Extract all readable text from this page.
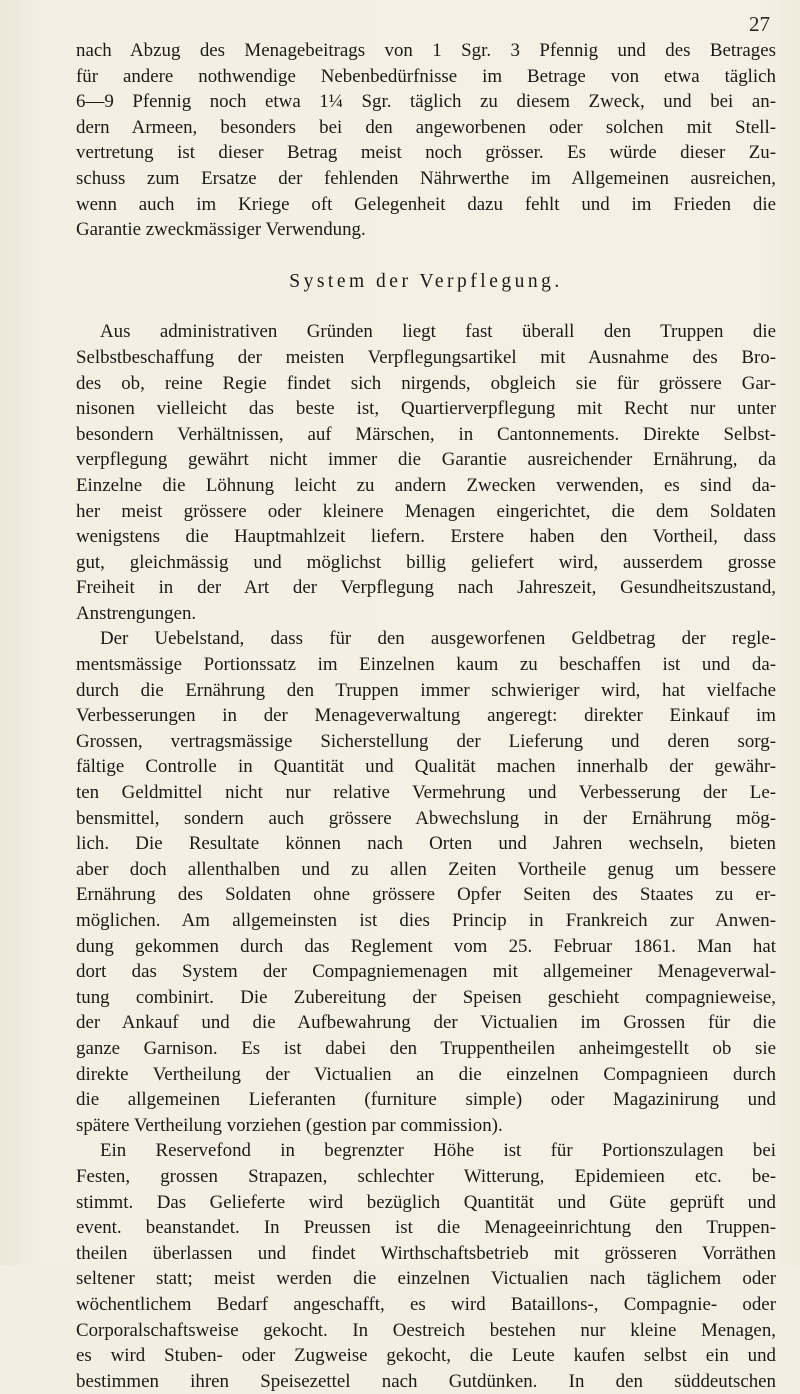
27
nach Abzug des Menagebeitrags von 1 Sgr. 3 Pfennig und des Betrages
für andere nothwendige Nebenbedürfnisse im Betrage von etwa täglich
6—9 Pfennig noch etwa 1¼ Sgr. täglich zu diesem Zweck, und bei an-
dern Armeen, besonders bei den angeworbenen oder solchen mit Stell-
vertretung ist dieser Betrag meist noch grösser. Es würde dieser Zu-
schuss zum Ersatze der fehlenden Nährwerthe im Allgemeinen ausreichen,
wenn auch im Kriege oft Gelegenheit dazu fehlt und im Frieden die
Garantie zweckmässiger Verwendung.
System der Verpflegung.
Aus administrativen Gründen liegt fast überall den Truppen die
Selbstbeschaffung der meisten Verpflegungsartikel mit Ausnahme des Bro-
des ob, reine Regie findet sich nirgends, obgleich sie für grössere Gar-
nisonen vielleicht das beste ist, Quartierverpflegung mit Recht nur unter
besondern Verhältnissen, auf Märschen, in Cantonnements. Direkte Selbst-
verpflegung gewährt nicht immer die Garantie ausreichender Ernährung, da
Einzelne die Löhnung leicht zu andern Zwecken verwenden, es sind da-
her meist grössere oder kleinere Menagen eingerichtet, die dem Soldaten
wenigstens die Hauptmahlzeit liefern. Erstere haben den Vortheil, dass
gut, gleichmässig und möglichst billig geliefert wird, ausserdem grosse
Freiheit in der Art der Verpflegung nach Jahreszeit, Gesundheitszustand,
Anstrengungen.
Der Uebelstand, dass für den ausgeworfenen Geldbetrag der regle-
mentsmässige Portionssatz im Einzelnen kaum zu beschaffen ist und da-
durch die Ernährung den Truppen immer schwieriger wird, hat vielfache
Verbesserungen in der Menageverwaltung angeregt: direkter Einkauf im
Grossen, vertragsmässige Sicherstellung der Lieferung und deren sorg-
fältige Controlle in Quantität und Qualität machen innerhalb der gewähr-
ten Geldmittel nicht nur relative Vermehrung und Verbesserung der Le-
bensmittel, sondern auch grössere Abwechslung in der Ernährung mög-
lich. Die Resultate können nach Orten und Jahren wechseln, bieten
aber doch allenthalben und zu allen Zeiten Vortheile genug um bessere
Ernährung des Soldaten ohne grössere Opfer Seiten des Staates zu er-
möglichen. Am allgemeinsten ist dies Princip in Frankreich zur Anwen-
dung gekommen durch das Reglement vom 25. Februar 1861. Man hat
dort das System der Compagniemenagen mit allgemeiner Menageverwal-
tung combinirt. Die Zubereitung der Speisen geschieht compagnieweise,
der Ankauf und die Aufbewahrung der Victualien im Grossen für die
ganze Garnison. Es ist dabei den Truppentheilen anheimgestellt ob sie
direkte Vertheilung der Victualien an die einzelnen Compagnieen durch
die allgemeinen Lieferanten (furniture simple) oder Magazinirung und
spätere Vertheilung vorziehen (gestion par commission).
Ein Reservefond in begrenzter Höhe ist für Portionszulagen bei
Festen, grossen Strapazen, schlechter Witterung, Epidemieen etc. be-
stimmt. Das Gelieferte wird bezüglich Quantität und Güte geprüft und
event. beanstandet. In Preussen ist die Menageeinrichtung den Truppen-
theilen überlassen und findet Wirthschaftsbetrieb mit grösseren Vorräthen
seltener statt; meist werden die einzelnen Victualien nach täglichem oder
wöchentlichem Bedarf angeschafft, es wird Bataillons-, Compagnie- oder
Corporalschaftsweise gekocht. In Oestreich bestehen nur kleine Menagen,
es wird Stuben- oder Zugweise gekocht, die Leute kaufen selbst ein und
bestimmen ihren Speisezettel nach Gutdünken. In den süddeutschen
